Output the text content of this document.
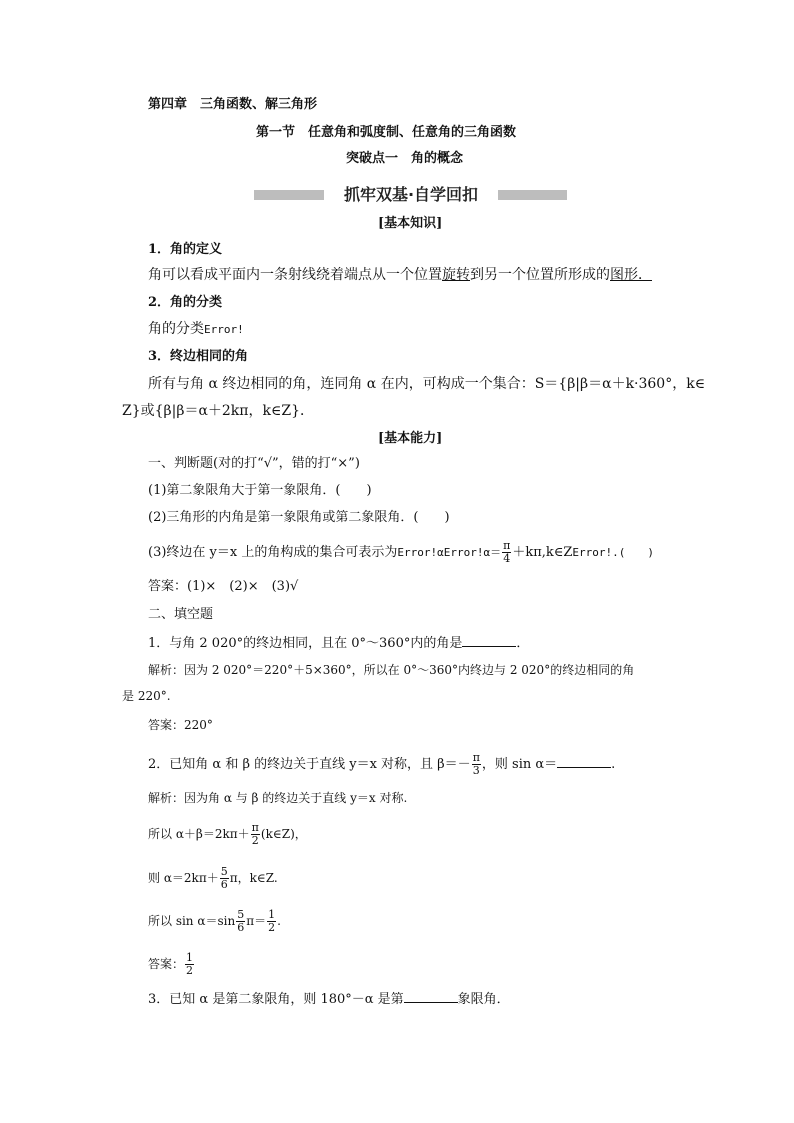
第四章　三角函数、解三角形
第一节　任意角和弧度制、任意角的三角函数
突破点一　角的概念
抓牢双基·自学回扣
[基本知识]
1．角的定义
角可以看成平面内一条射线绕着端点从一个位置旋转到另一个位置所形成的图形．
2．角的分类
角的分类Error!
3．终边相同的角
所有与角 α 终边相同的角，连同角 α 在内，可构成一个集合：S＝{β|β＝α＋k·360°，k∈
Z}或{β|β＝α＋2kπ，k∈Z}．
[基本能力]
一、判断题(对的打“√”，错的打“×”)
(1)第二象限角大于第一象限角．(　　)
(2)三角形的内角是第一象限角或第二象限角．(　　)
(3)终边在 y＝x 上的角构成的集合可表示为Error!αError!α＝ $\frac{\pi}{4}$ ＋kπ,k∈ZError!.(　　)
答案：(1)×　(2)×　(3)√
二、填空题
1．与角 2 020°的终边相同，且在 0°～360°内的角是	．
解析：因为 2 020°＝220°＋5×360°，所以在 0°～360°内终边与 2 020°的终边相同的角
是 220°.
答案：220°
2．已知角 α 和 β 的终边关于直线 y＝x 对称，且 $\beta=- \frac{\pi}{3}$ ，则 sin α＝	.
解析：因为角 α 与 β 的终边关于直线 y＝x 对称.
所以 $\alpha+\beta=2k\pi+ \frac{\pi}{2}$ (k∈Z)，
则 $\alpha=2k\pi+ \frac{5}{6}$ π，k∈Z.
所以 $\sin \alpha=\sin \frac{5}{6} \pi= \frac{1}{2}$ .
答案： $\frac{1}{2}$
3．已知 α 是第二象限角，则 180°－α 是第	象限角．
